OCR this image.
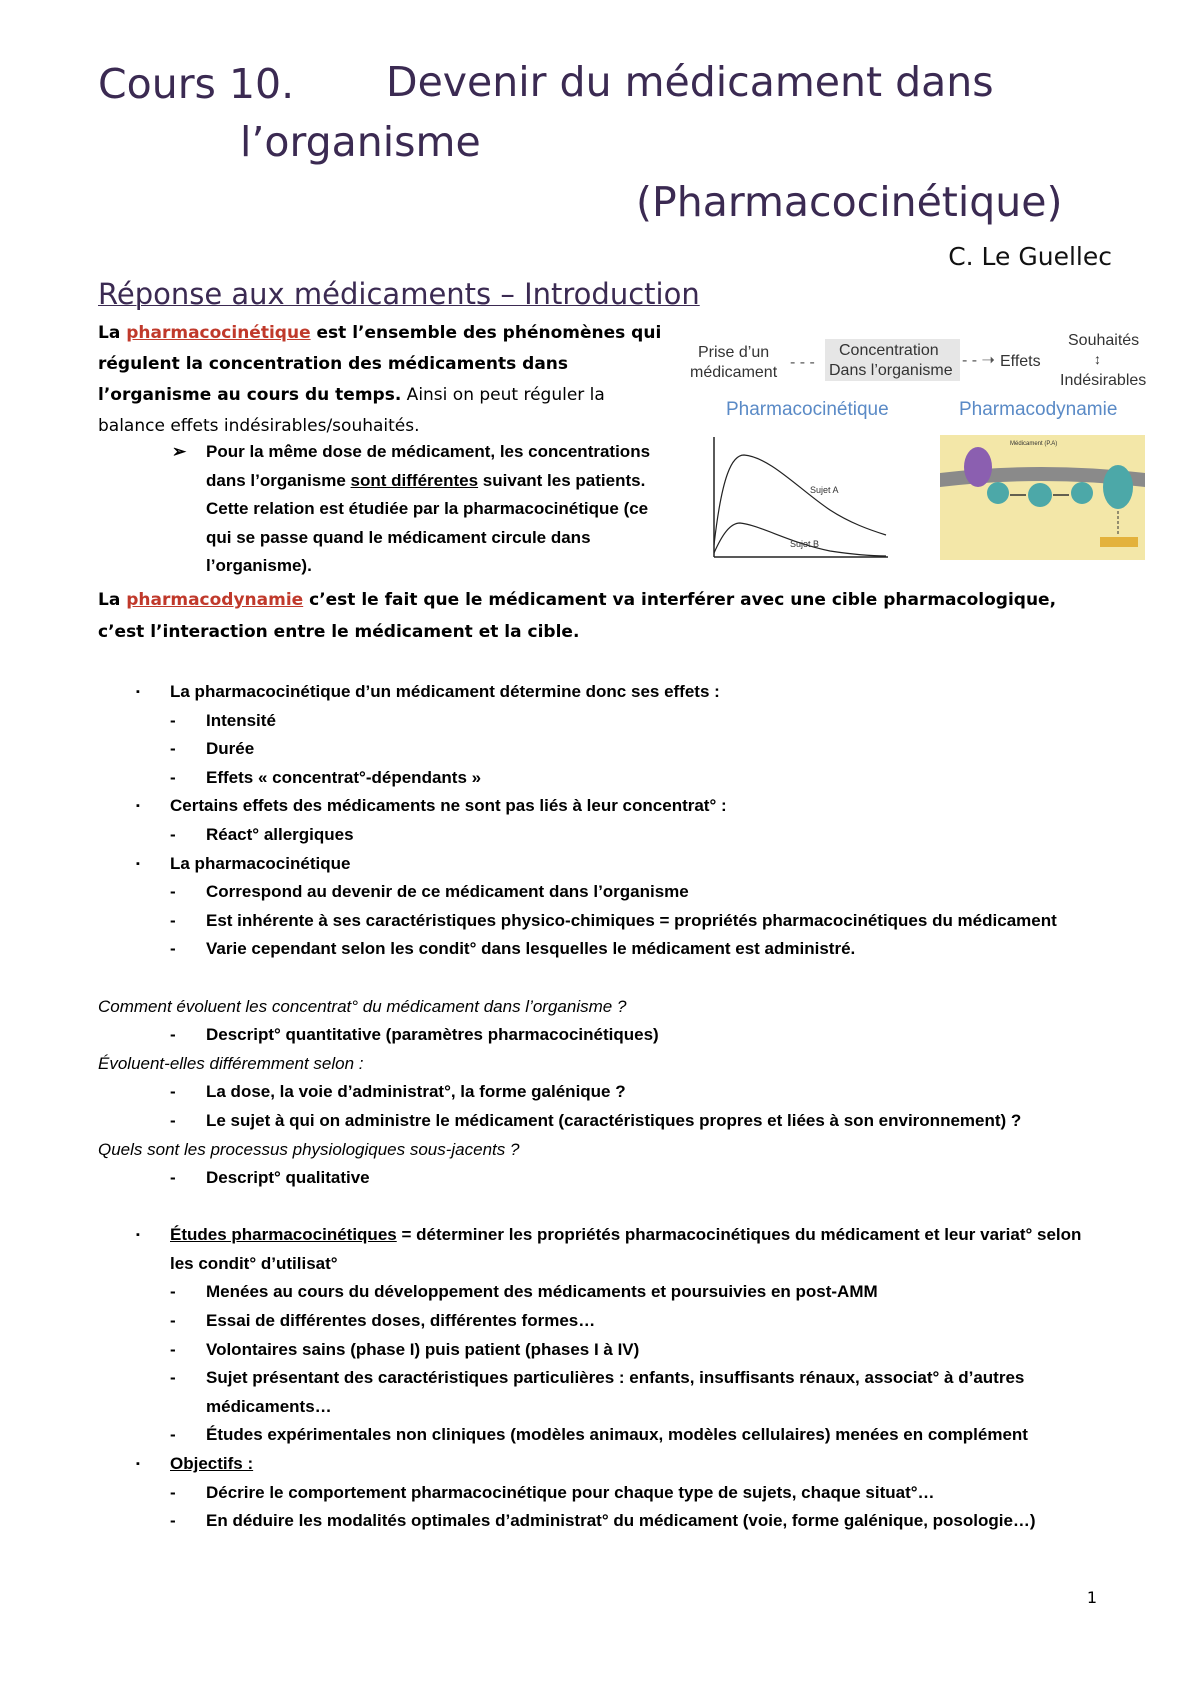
Cours 10. Devenir du médicament dans
l’organisme
(Pharmacocinétique)
C. Le Guellec
Réponse aux médicaments – Introduction
La pharmacocinétique est l’ensemble des phénomènes qui régulent la concentration des médicaments dans l’organisme au cours du temps. Ainsi on peut réguler la balance effets indésirables/souhaités.
➢ Pour la même dose de médicament, les concentrations dans l’organisme sont différentes suivant les patients. Cette relation est étudiée par la pharmacocinétique (ce qui se passe quand le médicament circule dans l’organisme).
Prise d’un
médicament
- - -
Concentration
Dans l’organisme
- - ➝ Effets
Souhaités
↕
Indésirables
Pharmacocinétique	Pharmacodynamie
Sujet A
Sujet B
Médicament (P.A)
La pharmacodynamie c’est le fait que le médicament va interférer avec une cible pharmacologique, c’est l’interaction entre le médicament et la cible.
▪ La pharmacocinétique d’un médicament détermine donc ses effets :
- Intensité
- Durée
- Effets « concentrat°-dépendants »
▪ Certains effets des médicaments ne sont pas liés à leur concentrat° :
- Réact° allergiques
▪ La pharmacocinétique
- Correspond au devenir de ce médicament dans l’organisme
- Est inhérente à ses caractéristiques physico-chimiques = propriétés pharmacocinétiques du médicament
- Varie cependant selon les condit° dans lesquelles le médicament est administré.
Comment évoluent les concentrat° du médicament dans l’organisme ?
- Descript° quantitative (paramètres pharmacocinétiques)
Évoluent-elles différemment selon :
- La dose, la voie d’administrat°, la forme galénique ?
- Le sujet à qui on administre le médicament (caractéristiques propres et liées à son environnement) ?
Quels sont les processus physiologiques sous-jacents ?
- Descript° qualitative
▪ Études pharmacocinétiques = déterminer les propriétés pharmacocinétiques du médicament et leur variat° selon
les condit° d’utilisat°
- Menées au cours du développement des médicaments et poursuivies en post-AMM
- Essai de différentes doses, différentes formes…
- Volontaires sains (phase I) puis patient (phases I à IV)
- Sujet présentant des caractéristiques particulières : enfants, insuffisants rénaux, associat° à d’autres
médicaments…
- Études expérimentales non cliniques (modèles animaux, modèles cellulaires) menées en complément
▪ Objectifs :
- Décrire le comportement pharmacocinétique pour chaque type de sujets, chaque situat°…
- En déduire les modalités optimales d’administrat° du médicament (voie, forme galénique, posologie…)
1
